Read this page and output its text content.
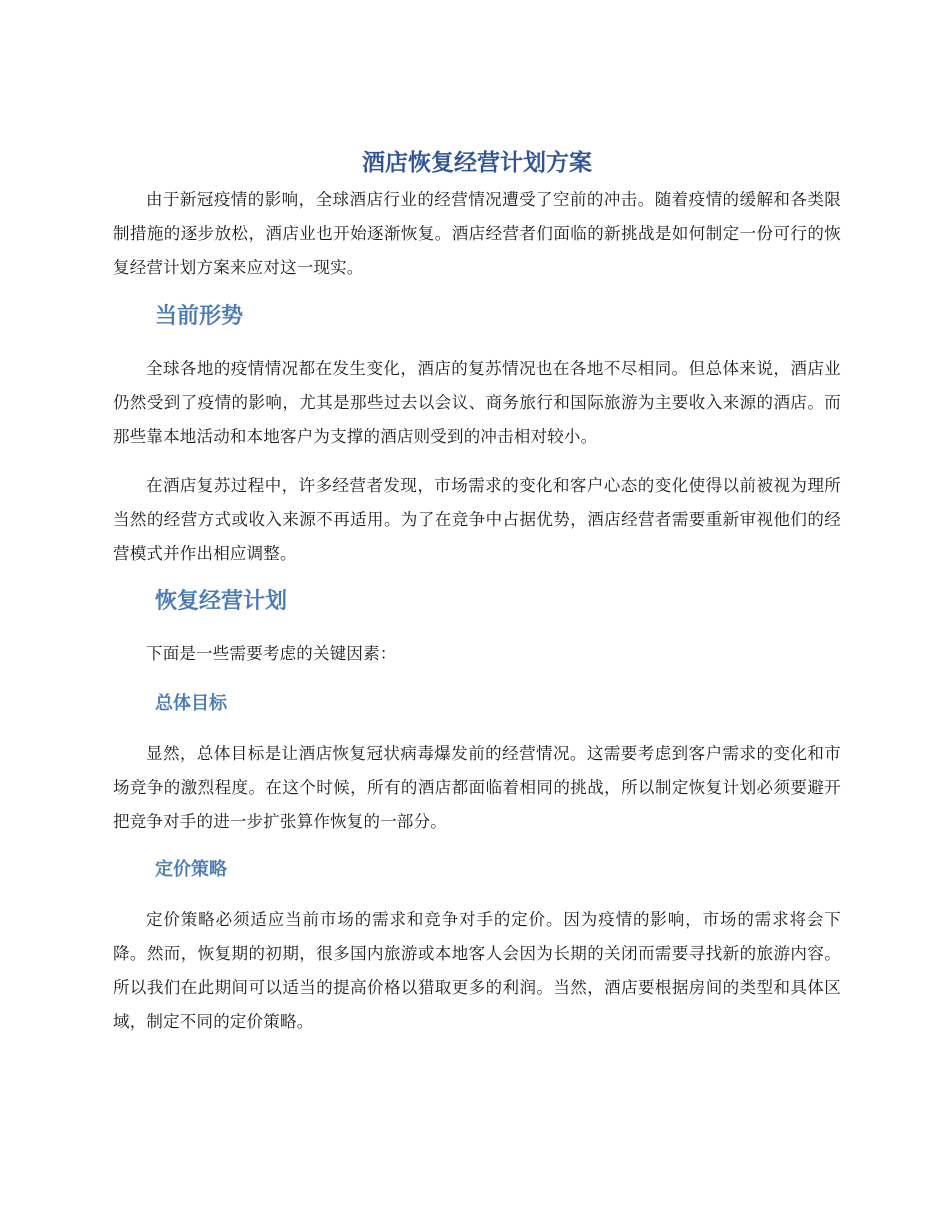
酒店恢复经营计划方案

由于新冠疫情的影响，全球酒店行业的经营情况遭受了空前的冲击。随着疫情的缓解和各类限制措施的逐步放松，酒店业也开始逐渐恢复。酒店经营者们面临的新挑战是如何制定一份可行的恢复经营计划方案来应对这一现实。

当前形势

全球各地的疫情情况都在发生变化，酒店的复苏情况也在各地不尽相同。但总体来说，酒店业仍然受到了疫情的影响，尤其是那些过去以会议、商务旅行和国际旅游为主要收入来源的酒店。而那些靠本地活动和本地客户为支撑的酒店则受到的冲击相对较小。

在酒店复苏过程中，许多经营者发现，市场需求的变化和客户心态的变化使得以前被视为理所当然的经营方式或收入来源不再适用。为了在竞争中占据优势，酒店经营者需要重新审视他们的经营模式并作出相应调整。

恢复经营计划

下面是一些需要考虑的关键因素：

总体目标

显然，总体目标是让酒店恢复冠状病毒爆发前的经营情况。这需要考虑到客户需求的变化和市场竞争的激烈程度。在这个时候，所有的酒店都面临着相同的挑战，所以制定恢复计划必须要避开把竞争对手的进一步扩张算作恢复的一部分。

定价策略

定价策略必须适应当前市场的需求和竞争对手的定价。因为疫情的影响，市场的需求将会下降。然而，恢复期的初期，很多国内旅游或本地客人会因为长期的关闭而需要寻找新的旅游内容。所以我们在此期间可以适当的提高价格以猎取更多的利润。当然，酒店要根据房间的类型和具体区域，制定不同的定价策略。
